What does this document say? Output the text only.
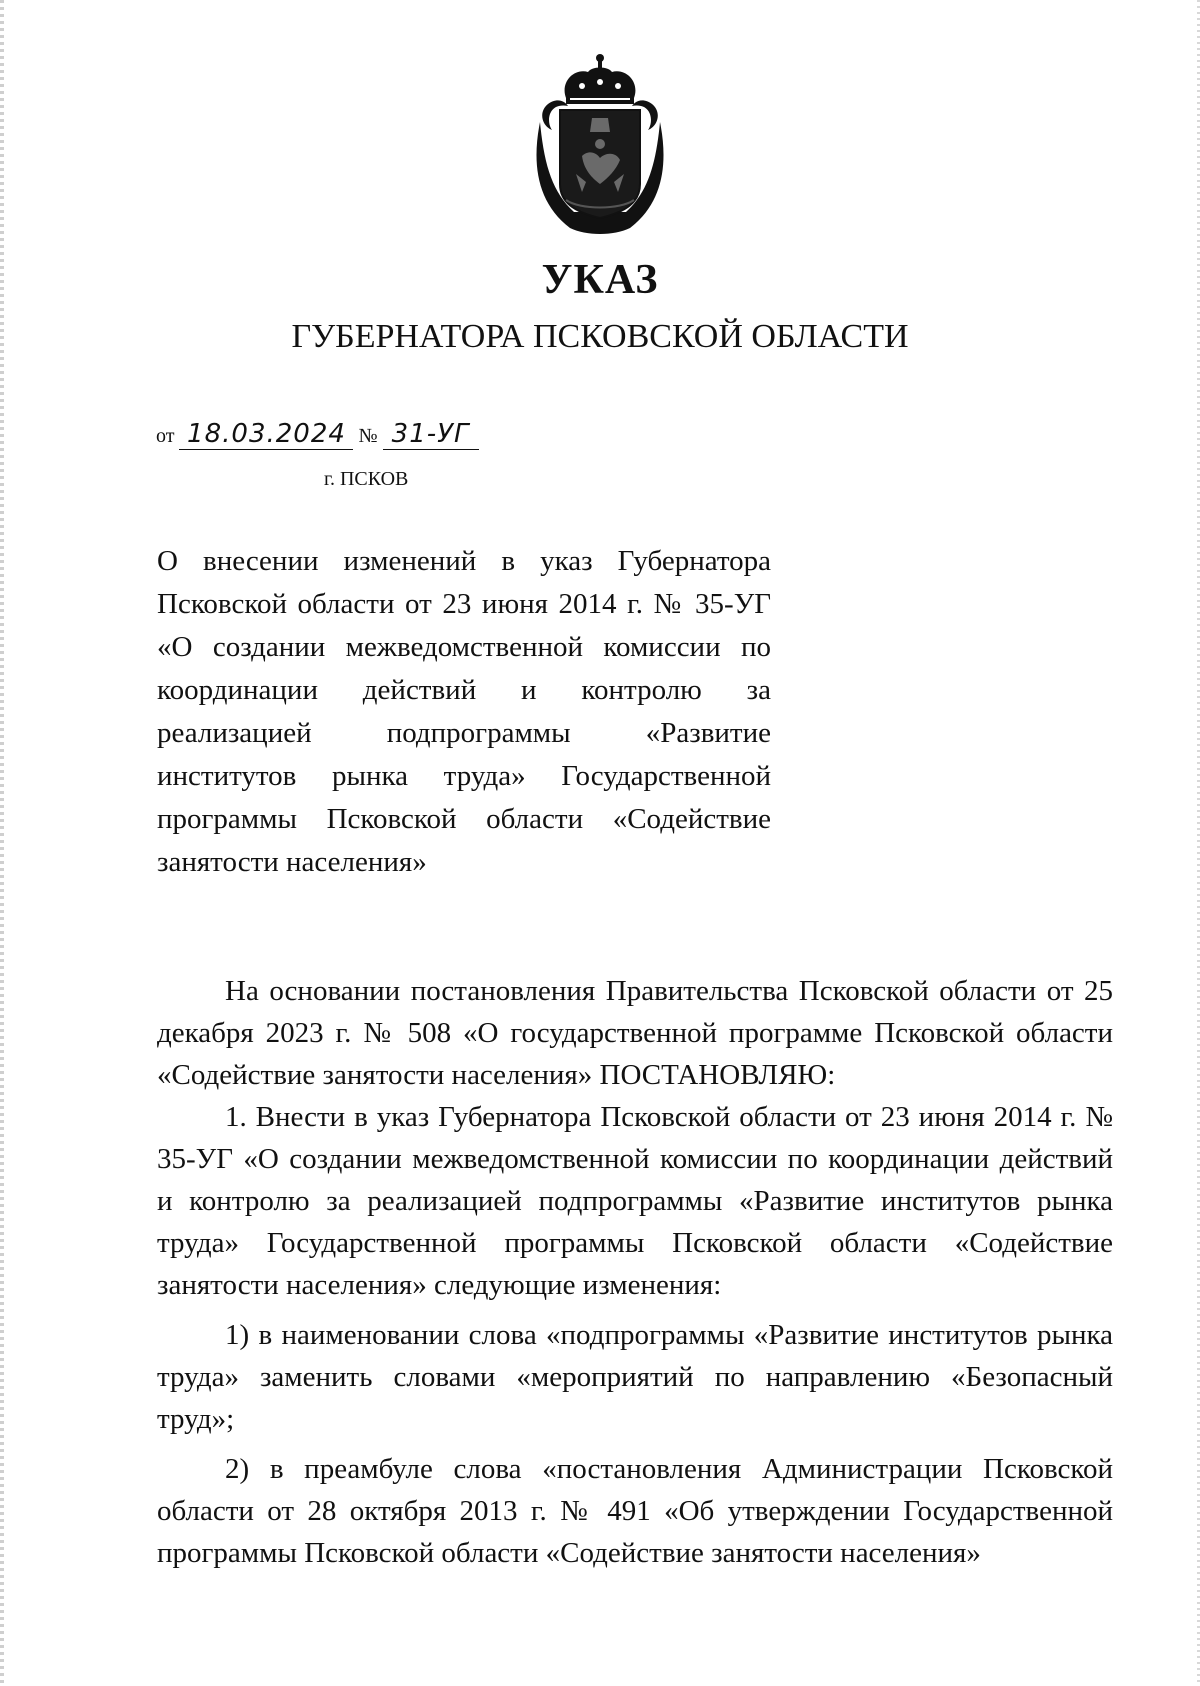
УКАЗ
ГУБЕРНАТОРА ПСКОВСКОЙ ОБЛАСТИ
от 18.03.2024 № 31-УГ
г. ПСКОВ
О внесении изменений в указ Губернатора Псковской области от 23 июня 2014 г. № 35-УГ «О создании межведомственной комиссии по координации действий и контролю за реализацией подпрограммы «Развитие институтов рынка труда» Государственной программы Псковской области «Содействие занятости населения»

На основании постановления Правительства Псковской области от 25 декабря 2023 г. № 508 «О государственной программе Псковской области «Содействие занятости населения» ПОСТАНОВЛЯЮ:

1. Внести в указ Губернатора Псковской области от 23 июня 2014 г. № 35-УГ «О создании межведомственной комиссии по координации действий и контролю за реализацией подпрограммы «Развитие институтов рынка труда» Государственной программы Псковской области «Содействие занятости населения» следующие изменения:

1) в наименовании слова «подпрограммы «Развитие институтов рынка труда» заменить словами «мероприятий по направлению «Безопасный труд»;

2) в преамбуле слова «постановления Администрации Псковской области от 28 октября 2013 г. № 491 «Об утверждении Государственной программы Псковской области «Содействие занятости населения»
